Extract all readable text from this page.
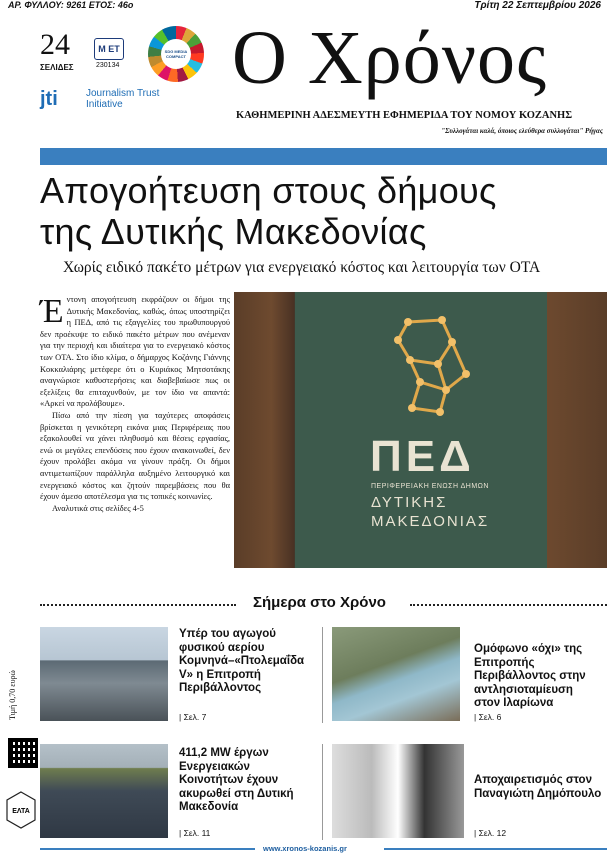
ΑΡ. ΦΥΛΛΟΥ: 9261 ΕΤΟΣ: 46ο	Τρίτη 22 Σεπτεμβρίου 2026
24
ΣΕΛΙΔΕΣ
Μ ΕΤ
230134
SDG MEDIA COMPACT
jti	Journalism Trust Initiative
Ο Χρόνος
ΚΑΘΗΜΕΡΙΝΗ ΑΔΕΣΜΕΥΤΗ ΕΦΗΜΕΡΙΔΑ ΤΟΥ ΝΟΜΟΥ ΚΟΖΑΝΗΣ
"Συλλογάται καλά, όποιος ελεύθερα συλλογάται" Ρήγας
Απογοήτευση στους δήμους
της Δυτικής Μακεδονίας
Χωρίς ειδικό πακέτο μέτρων για ενεργειακό κόστος και λειτουργία των ΟΤΑ

Έντονη απογοήτευση εκφράζουν οι δήμοι της Δυτικής Μακεδονίας, καθώς, όπως υποστηρίζει η ΠΕΔ, από τις εξαγγελίες του πρωθυπουργού δεν προέκυψε το ειδικό πακέτο μέτρων που ανέμεναν για την περιοχή και ιδιαίτερα για το ενεργειακό κόστος των ΟΤΑ. Στο ίδιο κλίμα, ο δήμαρχος Κοζάνης Γιάννης Κοκκαλιάρης μετέφερε ότι ο Κυριάκος Μητσοτάκης αναγνώρισε καθυστερήσεις και διαβεβαίωσε πως οι εξελίξεις θα επιταχυνθούν, με τον ίδιο να απαντά: «Αρκεί να προλάβουμε».

Πίσω από την πίεση για ταχύτερες αποφάσεις βρίσκεται η γενικότερη εικόνα μιας Περιφέρειας που εξακολουθεί να χάνει πληθυσμό και θέσεις εργασίας, ενώ οι μεγάλες επενδύσεις που έχουν ανακοινωθεί, δεν έχουν προλάβει ακόμα να γίνουν πράξη. Οι δήμοι αντιμετωπίζουν παράλληλα αυξημένο λειτουργικό και ενεργειακό κόστος και ζητούν παρεμβάσεις που θα έχουν άμεσο αποτέλεσμα για τις τοπικές κοινωνίες.

Αναλυτικά στις σελίδες 4-5

ΠΕΔ
ΠΕΡΙΦΕΡΕΙΑΚΗ ΕΝΩΣΗ ΔΗΜΩΝ
ΔΥΤΙΚΗΣ
ΜΑΚΕΔΟΝΙΑΣ
Σήμερα στο Χρόνο
Τιμή 0,70 ευρώ
Υπέρ του αγωγού φυσικού αερίου Κομνηνά–«Πτολεμαΐδα V» η Επιτροπή Περιβάλλοντος
| Σελ. 7
Ομόφωνο «όχι» της Επιτροπής Περιβάλλοντος στην αντλησιοταμίευση στον Ιλαρίωνα
| Σελ. 6
411,2 MW έργων Ενεργειακών Κοινοτήτων έχουν ακυρωθεί στη Δυτική Μακεδονία
| Σελ. 11
Αποχαιρετισμός στον Παναγιώτη Δημόπουλο
| Σελ. 12
ΕΛΤΑ
www.xronos-kozanis.gr
